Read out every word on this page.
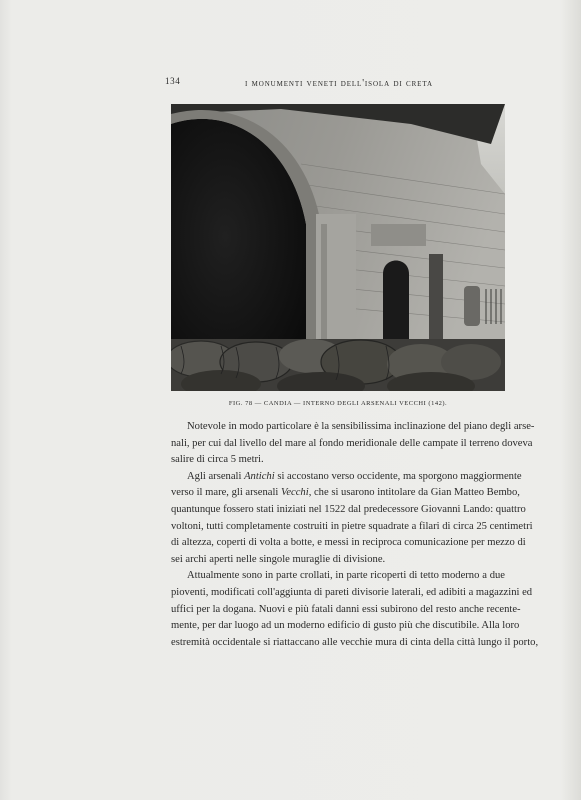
134	i monumenti veneti dell'isola di creta
FIG. 78 — CANDIA — INTERNO DEGLI ARSENALI VECCHI (142).

Notevole in modo particolare è la sensibilissima inclinazione del piano degli arse-
nali, per cui dal livello del mare al fondo meridionale delle campate il terreno doveva
salire di circa 5 metri.

Agli arsenali Antichi si accostano verso occidente, ma sporgono maggiormente
verso il mare, gli arsenali Vecchi, che si usarono intitolare da Gian Matteo Bembo,
quantunque fossero stati iniziati nel 1522 dal predecessore Giovanni Lando: quattro
voltoni, tutti completamente costruiti in pietre squadrate a filari di circa 25 centimetri
di altezza, coperti di volta a botte, e messi in reciproca comunicazione per mezzo di
sei archi aperti nelle singole muraglie di divisione.

Attualmente sono in parte crollati, in parte ricoperti di tetto moderno a due
pioventi, modificati coll'aggiunta di pareti divisorie laterali, ed adibiti a magazzini ed
uffici per la dogana. Nuovi e più fatali danni essi subirono del resto anche recente-
mente, per dar luogo ad un moderno edificio di gusto più che discutibile. Alla loro
estremità occidentale si riattaccano alle vecchie mura di cinta della città lungo il porto,
